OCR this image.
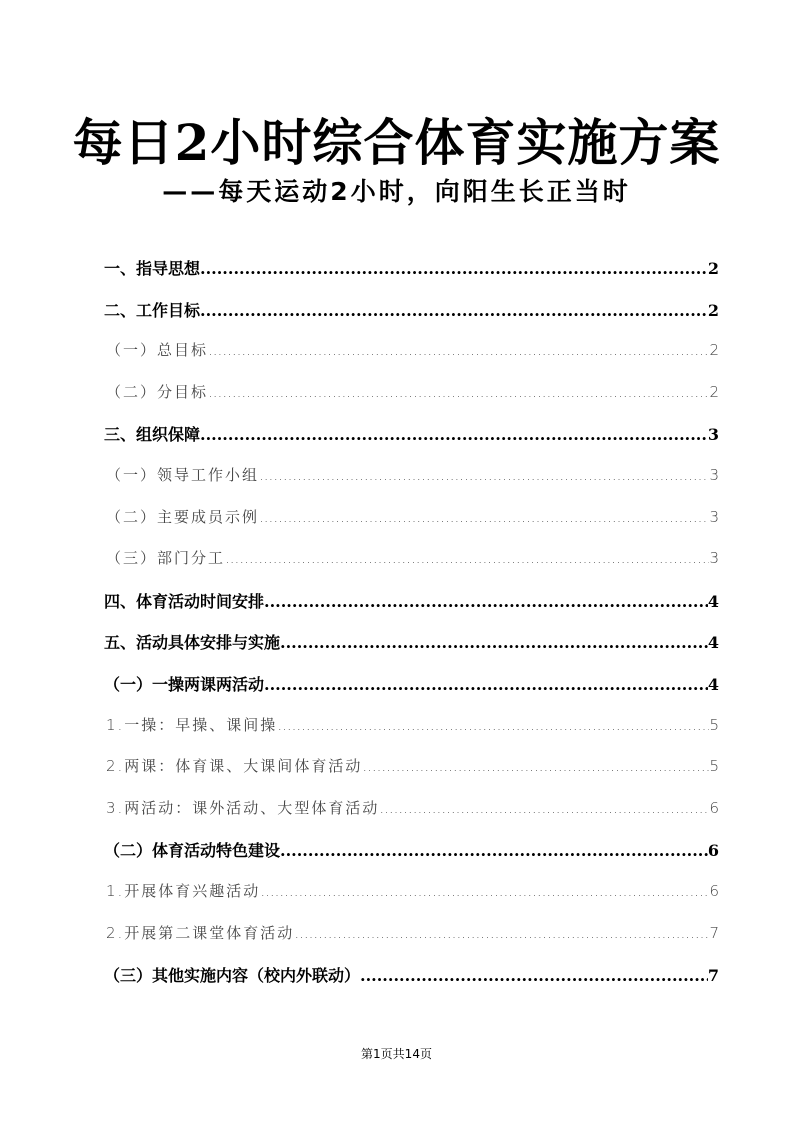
每日2小时综合体育实施方案
——每天运动2小时，向阳生长正当时
一、指导思想 .....	2
二、工作目标 .....	2
（一）总目标 .....	2
（二）分目标 .....	2
三、组织保障 .....	3
（一）领导工作小组 .....	3
（二）主要成员示例 .....	3
（三）部门分工 .....	3
四、体育活动时间安排 .....	4
五、活动具体安排与实施 .....	4
（一）一操两课两活动 .....	4
1.一操：早操、课间操 .....	5
2.两课：体育课、大课间体育活动 .....	5
3.两活动：课外活动、大型体育活动 .....	6
（二）体育活动特色建设 .....	6
1.开展体育兴趣活动 .....	6
2.开展第二课堂体育活动 .....	7
（三）其他实施内容（校内外联动） .....	7
第1页共14页
